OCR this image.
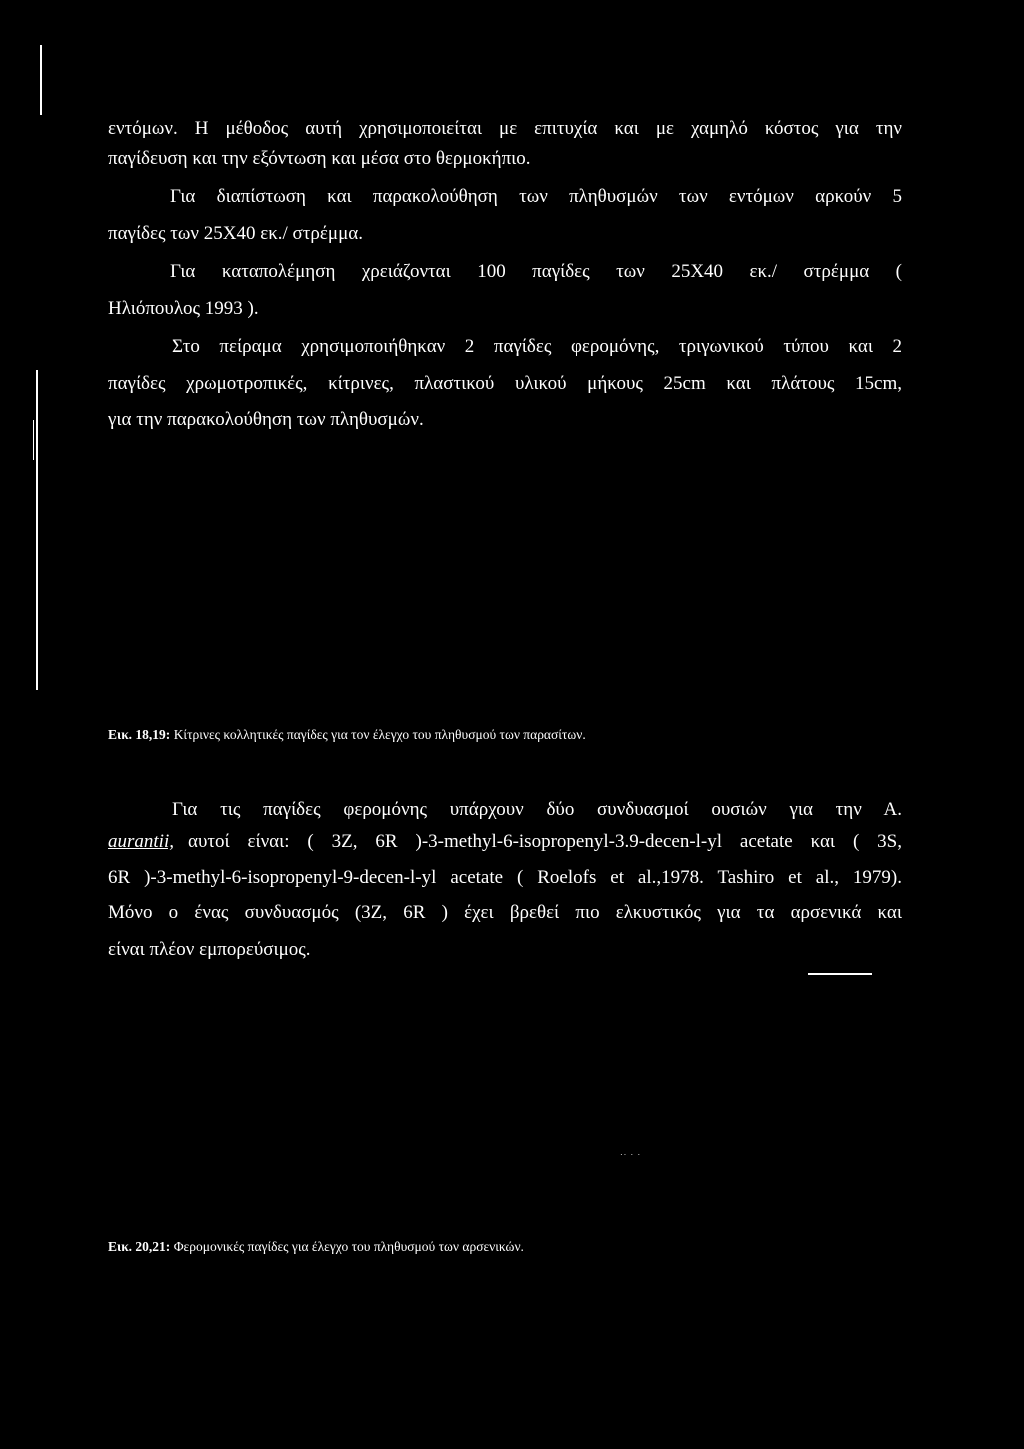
εντόμων. Η μέθοδος αυτή χρησιμοποιείται με επιτυχία και με χαμηλό κόστος για την
παγίδευση και την εξόντωση και μέσα στο θερμοκήπιο.
Για διαπίστωση και παρακολούθηση των πληθυσμών των εντόμων αρκούν 5
παγίδες των 25Χ40 εκ./ στρέμμα.
Για καταπολέμηση χρειάζονται 100 παγίδες των 25Χ40 εκ./ στρέμμα (
Ηλιόπουλος 1993 ).
Στο πείραμα χρησιμοποιήθηκαν 2 παγίδες φερομόνης, τριγωνικού τύπου και 2
παγίδες χρωμοτροπικές, κίτρινες, πλαστικού υλικού μήκους 25cm και πλάτους 15cm,
για την παρακολούθηση των πληθυσμών.
Εικ. 18,19: Κίτρινες κολλητικές παγίδες για τον έλεγχο του πληθυσμού των παρασίτων.
Για τις παγίδες φερομόνης υπάρχουν δύο συνδυασμοί ουσιών για την Α.
aurantii, αυτοί είναι: ( 3Ζ, 6R )-3-methyl-6-isopropenyl-3.9-decen-l-yl acetate και ( 3S,
6R )-3-methyl-6-isopropenyl-9-decen-l-yl acetate ( Roelofs et al.,1978. Tashiro et al., 1979).
Μόνο ο ένας συνδυασμός (3Ζ, 6R ) έχει βρεθεί πιο ελκυστικός για τα αρσενικά και
είναι πλέον εμπορεύσιμος.
·· · ·
Εικ. 20,21: Φερομονικές παγίδες για έλεγχο του πληθυσμού των αρσενικών.
